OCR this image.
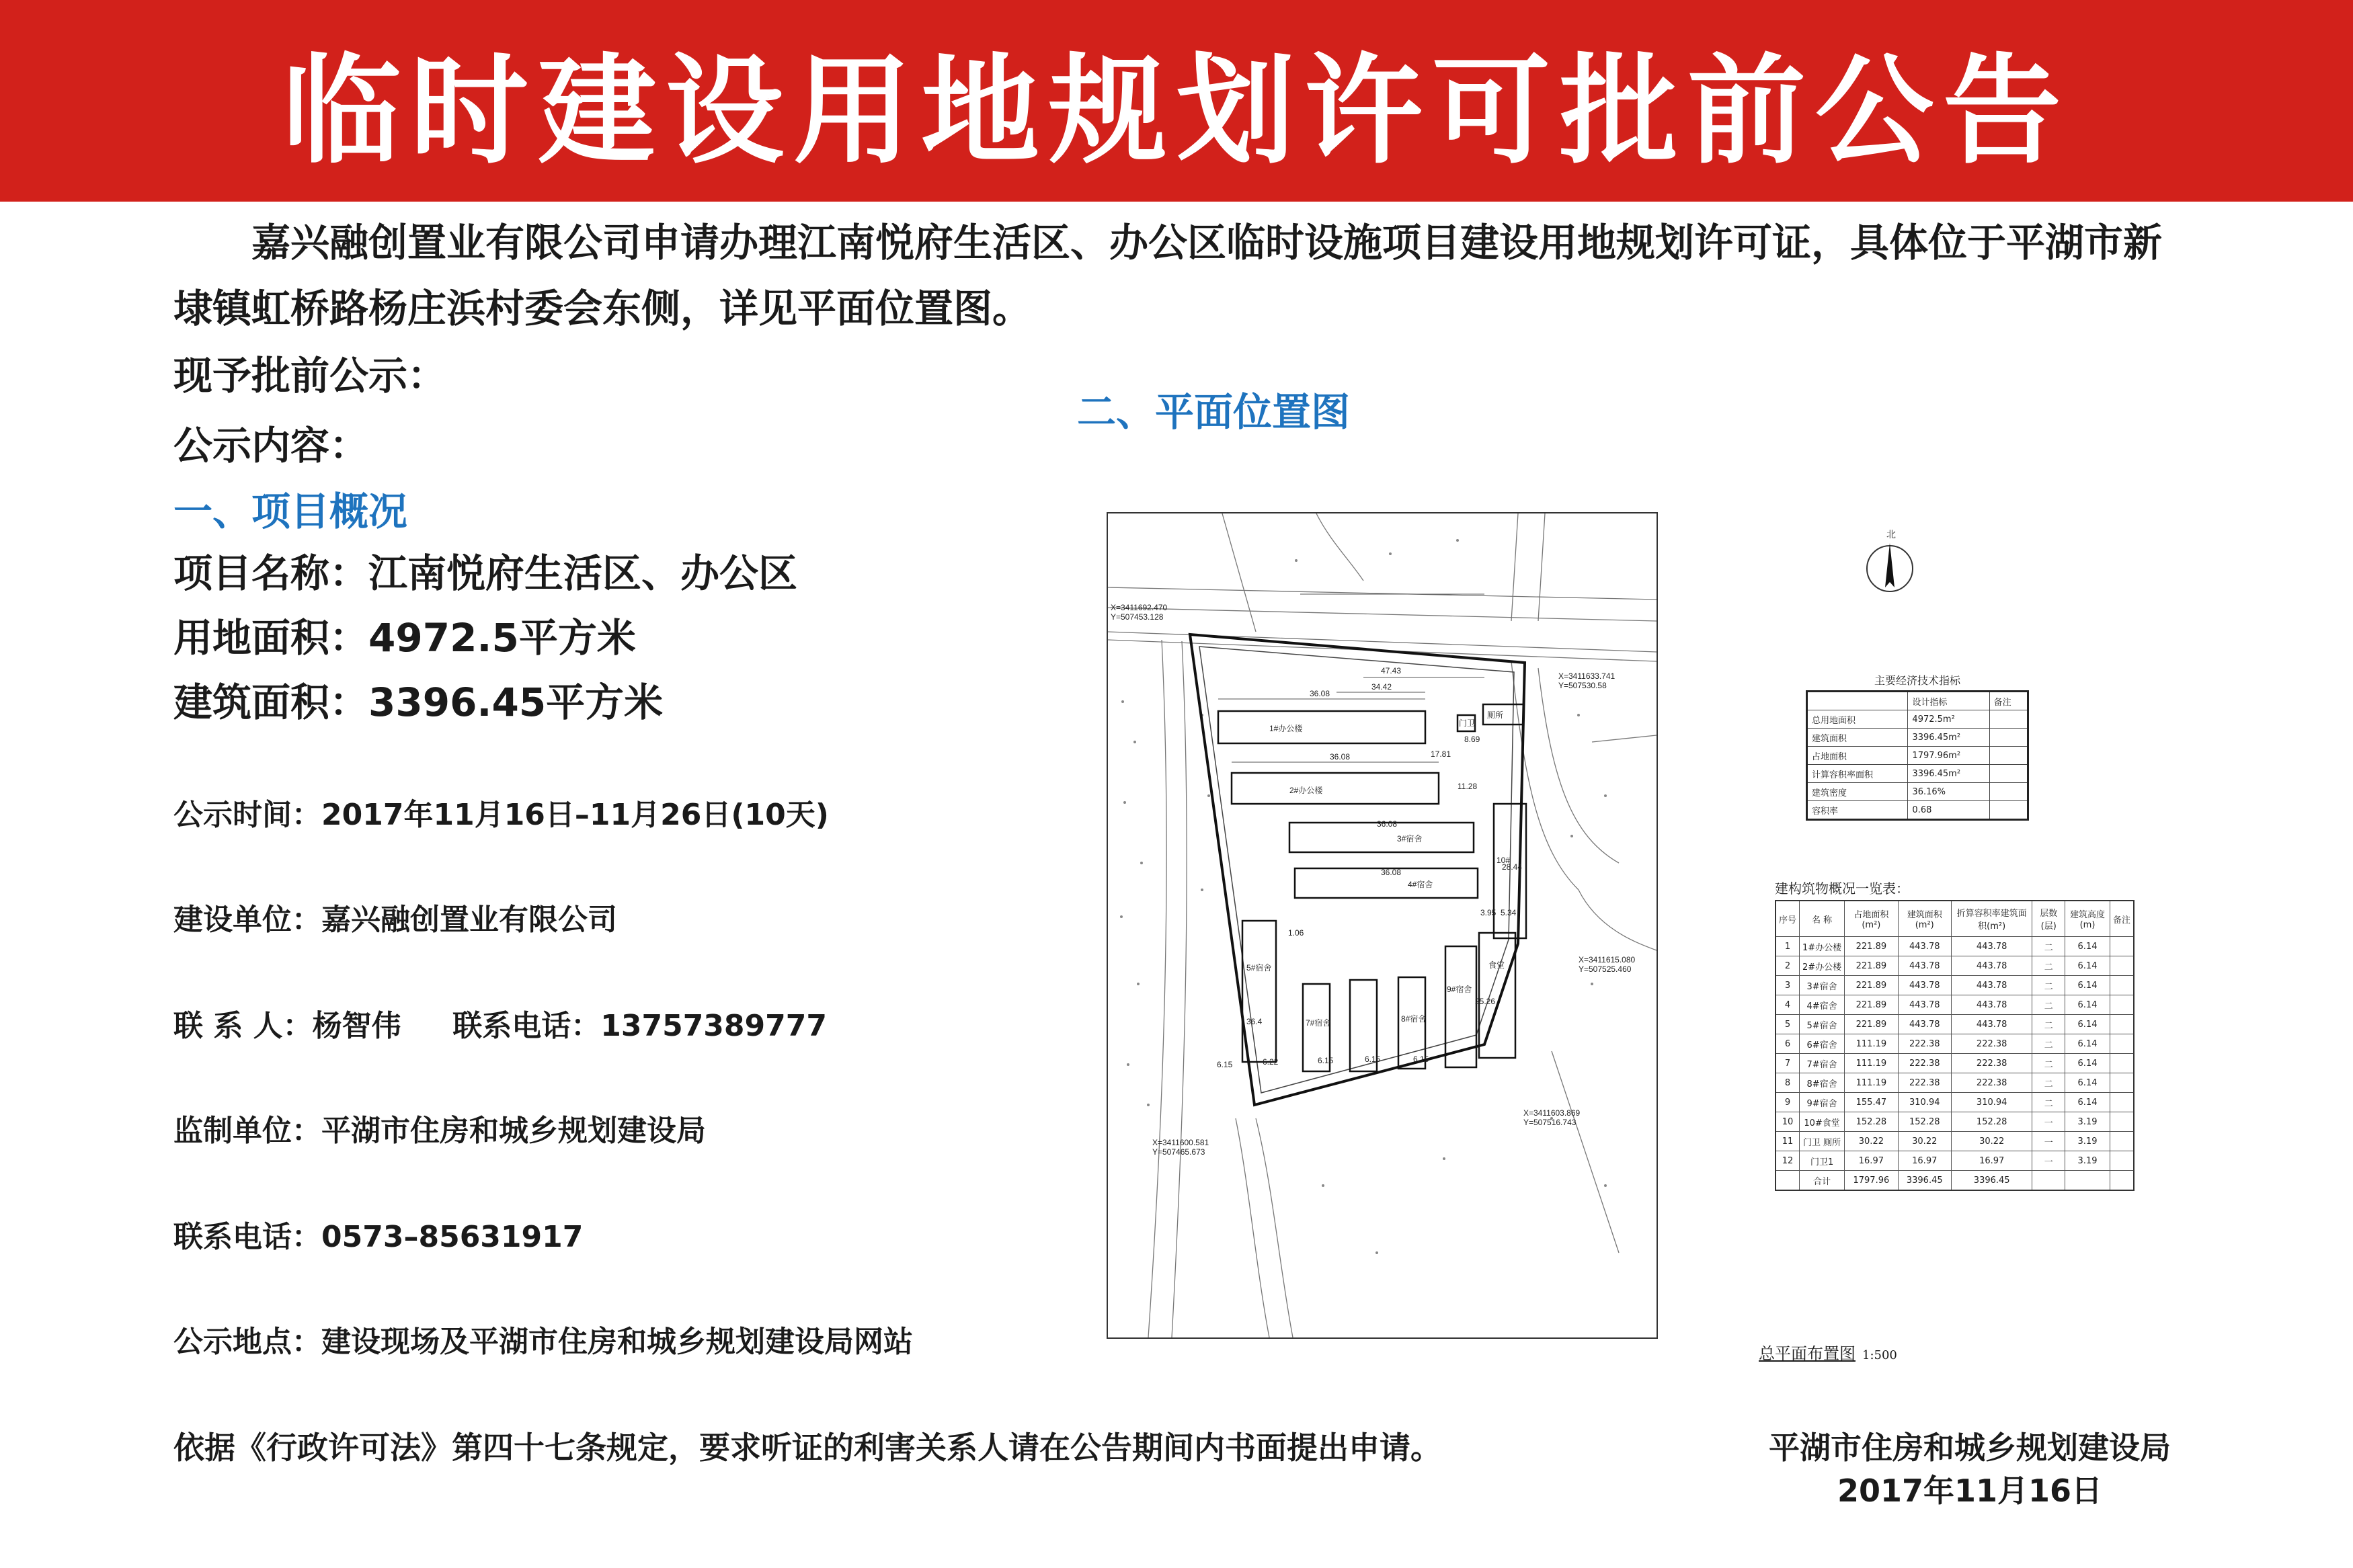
临时建设用地规划许可批前公告
嘉兴融创置业有限公司申请办理江南悦府生活区、办公区临时设施项目建设用地规划许可证，具体位于平湖市新埭镇虹桥路杨庄浜村委会东侧，详见平面位置图。
现予批前公示：
公示内容：
一、项目概况
项目名称：江南悦府生活区、办公区
用地面积：4972.5平方米
建筑面积：3396.45平方米
公示时间：2017年11月16日–11月26日(10天)
建设单位：嘉兴融创置业有限公司
联 系 人：杨智伟     联系电话：13757389777
监制单位：平湖市住房和城乡规划建设局
联系电话：0573–85631917
公示地点：建设现场及平湖市住房和城乡规划建设局网站
二、平面位置图
X=3411692.470
Y=507453.128
X=3411633.741
Y=507530.58
X=3411615.080
Y=507525.460
X=3411603.869
Y=507516.743
X=3411600.581
Y=507465.673
47.43
36.08
34.42
36.08	17.81
8.69
36.08
36.08
6.15	6.22	6.15	6.15	6.15
36.4
3.95 5.34
28.44
11.28
25.26
1.06
1#办公楼
2#办公楼
3#宿舍
4#宿舍
5#宿舍
7#宿舍	8#宿舍
9#宿舍
10#
食堂
厕所
门卫
北
主要经济技术指标
	设计指标	备注
总用地面积	4972.5m²	
建筑面积	3396.45m²	
占地面积	1797.96m²	
计算容积率面积	3396.45m²	
建筑密度	36.16%	
容积率	0.68	
建构筑物概况一览表：
序号	名 称	占地面积(m²)	建筑面积(m²)	折算容积率建筑面积(m²)	层数(层)	建筑高度(m)	备注
1	1#办公楼	221.89	443.78	443.78	二	6.14	
2	2#办公楼	221.89	443.78	443.78	二	6.14	
3	3#宿舍	221.89	443.78	443.78	二	6.14	
4	4#宿舍	221.89	443.78	443.78	二	6.14	
5	5#宿舍	221.89	443.78	443.78	二	6.14	
6	6#宿舍	111.19	222.38	222.38	二	6.14	
7	7#宿舍	111.19	222.38	222.38	二	6.14	
8	8#宿舍	111.19	222.38	222.38	二	6.14	
9	9#宿舍	155.47	310.94	310.94	二	6.14	
10	10#食堂	152.28	152.28	152.28	一	3.19	
11	门卫 厕所	30.22	30.22	30.22	一	3.19	
12	门卫1	16.97	16.97	16.97	一	3.19	
	合计	1797.96	3396.45	3396.45			
总平面布置图 1:500
依据《行政许可法》第四十七条规定，要求听证的利害关系人请在公告期间内书面提出申请。	平湖市住房和城乡规划建设局
2017年11月16日
